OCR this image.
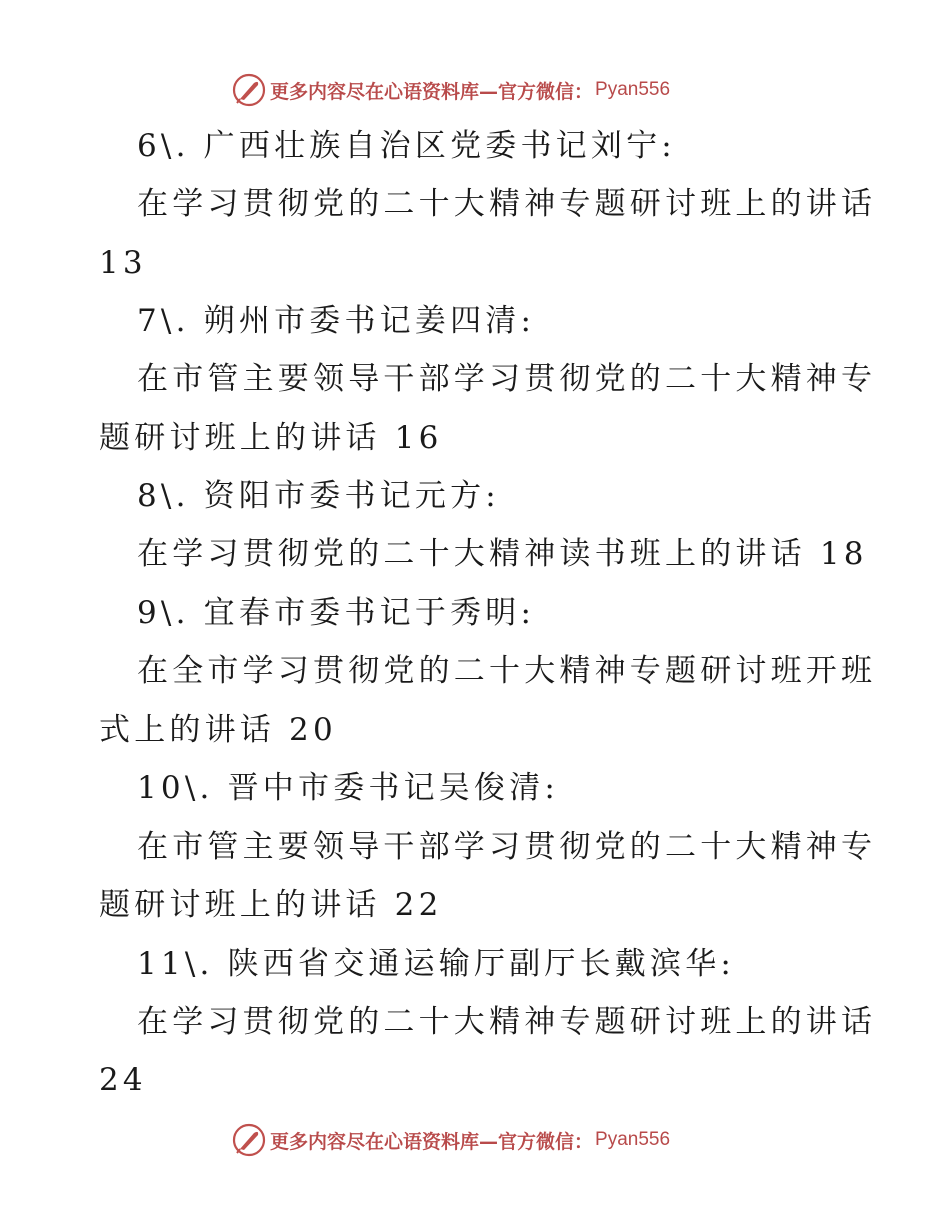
更多内容尽在心语资料库—官方微信： Pyan556
6\. 广西壮族自治区党委书记刘宁:
在学习贯彻党的二十大精神专题研讨班上的讲话
13
7\. 朔州市委书记姜四清:
在市管主要领导干部学习贯彻党的二十大精神专
题研讨班上的讲话 16
8\. 资阳市委书记元方:
在学习贯彻党的二十大精神读书班上的讲话 18
9\. 宜春市委书记于秀明:
在全市学习贯彻党的二十大精神专题研讨班开班
式上的讲话 20
10\. 晋中市委书记吴俊清:
在市管主要领导干部学习贯彻党的二十大精神专
题研讨班上的讲话 22
11\. 陕西省交通运输厅副厅长戴滨华:
在学习贯彻党的二十大精神专题研讨班上的讲话
24
更多内容尽在心语资料库—官方微信： Pyan556
